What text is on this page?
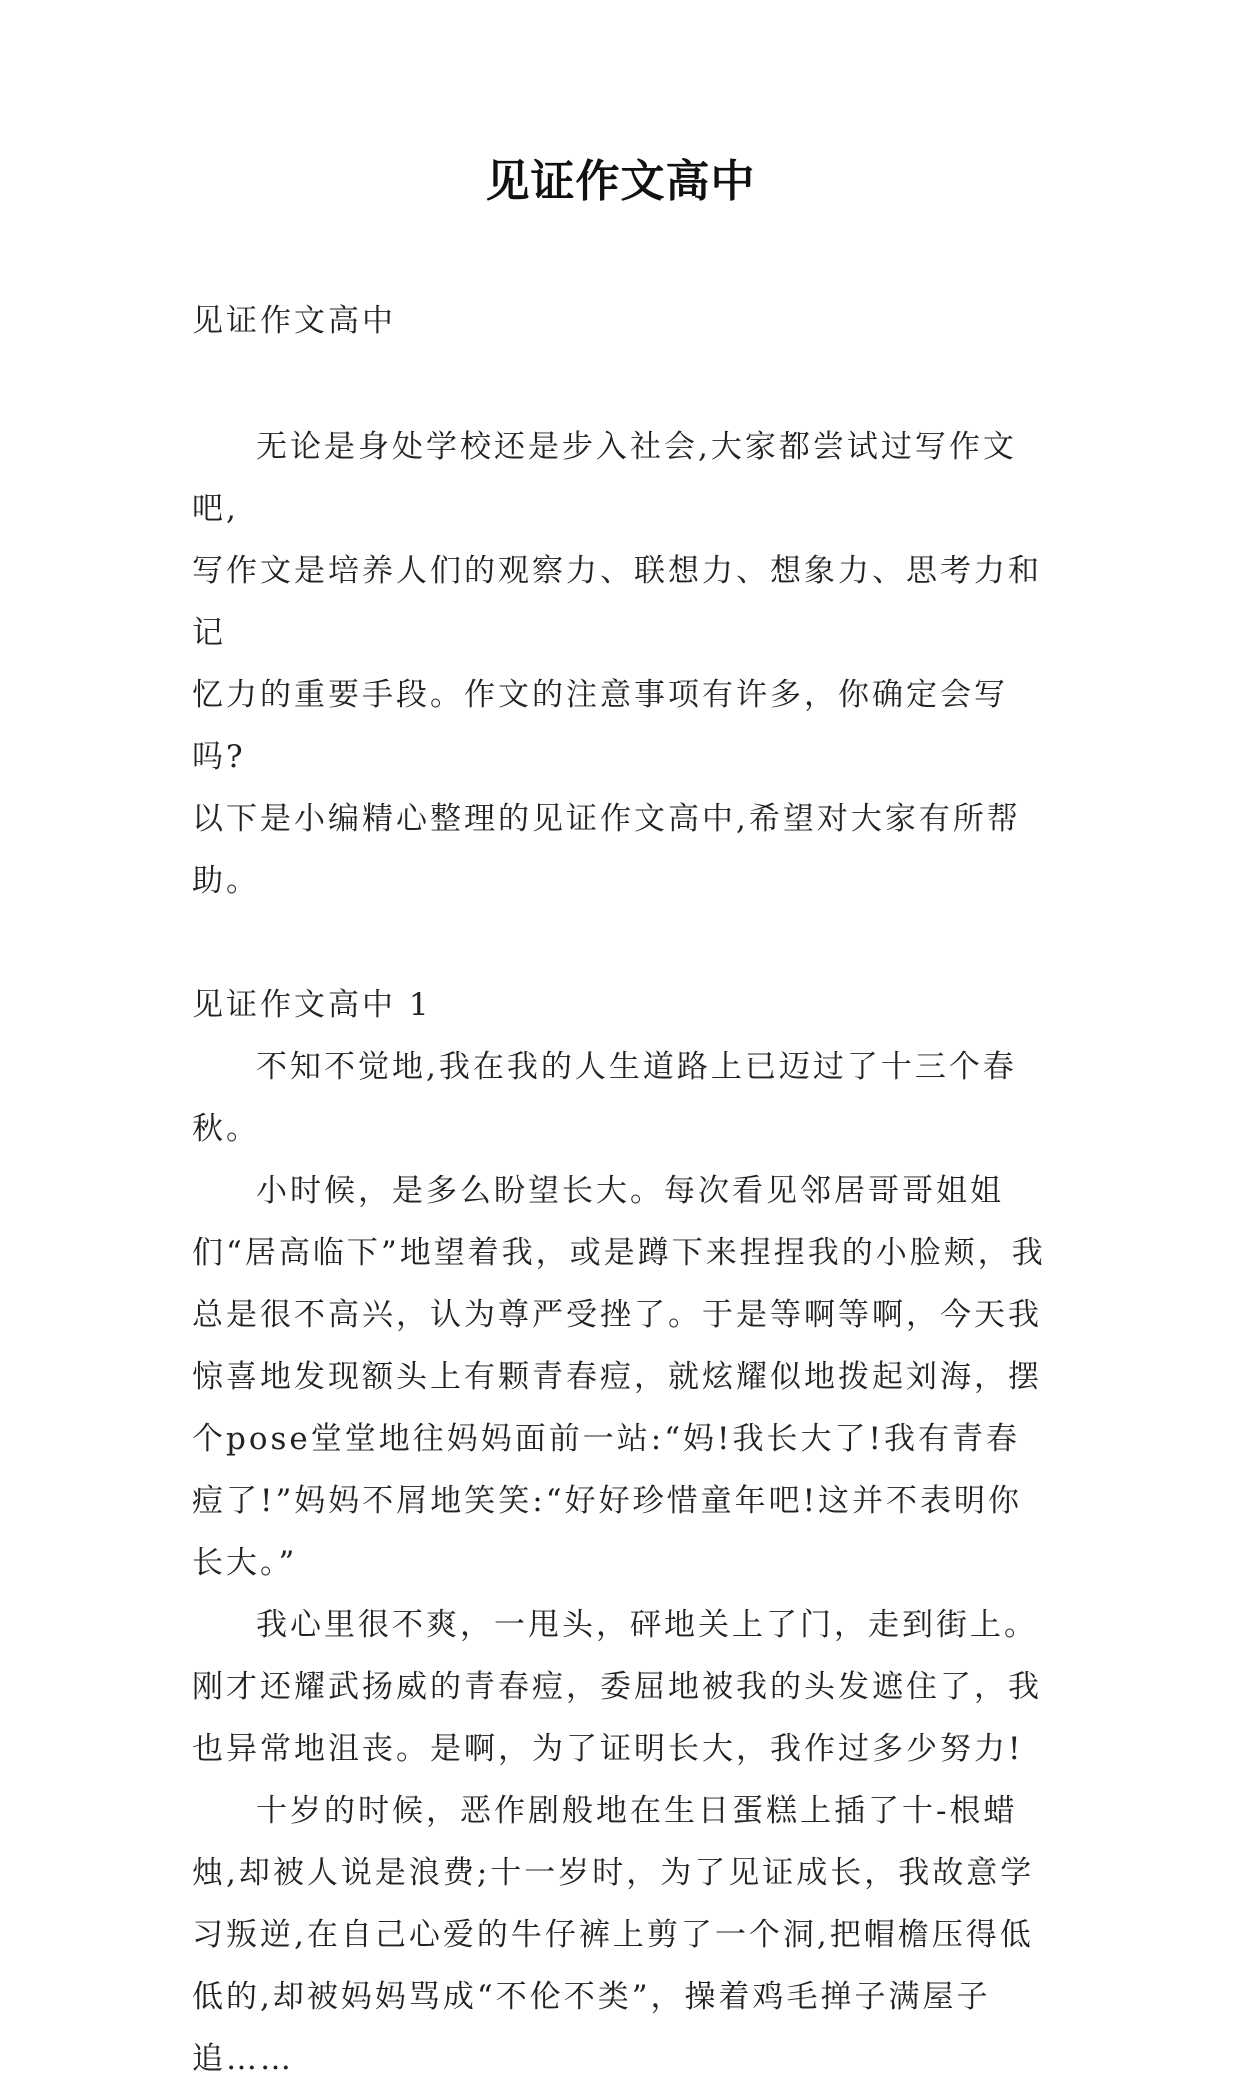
见证作文高中

见证作文高中

无论是身处学校还是步入社会,大家都尝试过写作文吧,

写作文是培养人们的观察力、联想力、想象力、思考力和记

忆力的重要手段。作文的注意事项有许多，你确定会写吗?

以下是小编精心整理的见证作文高中,希望对大家有所帮助。

见证作文高中 1

不知不觉地,我在我的人生道路上已迈过了十三个春秋。

小时候，是多么盼望长大。每次看见邻居哥哥姐姐们“居高临下”地望着我，或是蹲下来捏捏我的小脸颊，我总是很不高兴，认为尊严受挫了。于是等啊等啊，今天我惊喜地发现额头上有颗青春痘，就炫耀似地拨起刘海，摆个pose堂堂地往妈妈面前一站:“妈!我长大了!我有青春痘了!”妈妈不屑地笑笑:“好好珍惜童年吧!这并不表明你长大。”

我心里很不爽，一甩头，砰地关上了门，走到街上。刚才还耀武扬威的青春痘，委屈地被我的头发遮住了，我也异常地沮丧。是啊，为了证明长大，我作过多少努力!

十岁的时候，恶作剧般地在生日蛋糕上插了十-根蜡烛,却被人说是浪费;十一岁时，为了见证成长，我故意学习叛逆,在自己心爱的牛仔裤上剪了一个洞,把帽檐压得低低的,却被妈妈骂成“不伦不类”，操着鸡毛掸子满屋子追……
